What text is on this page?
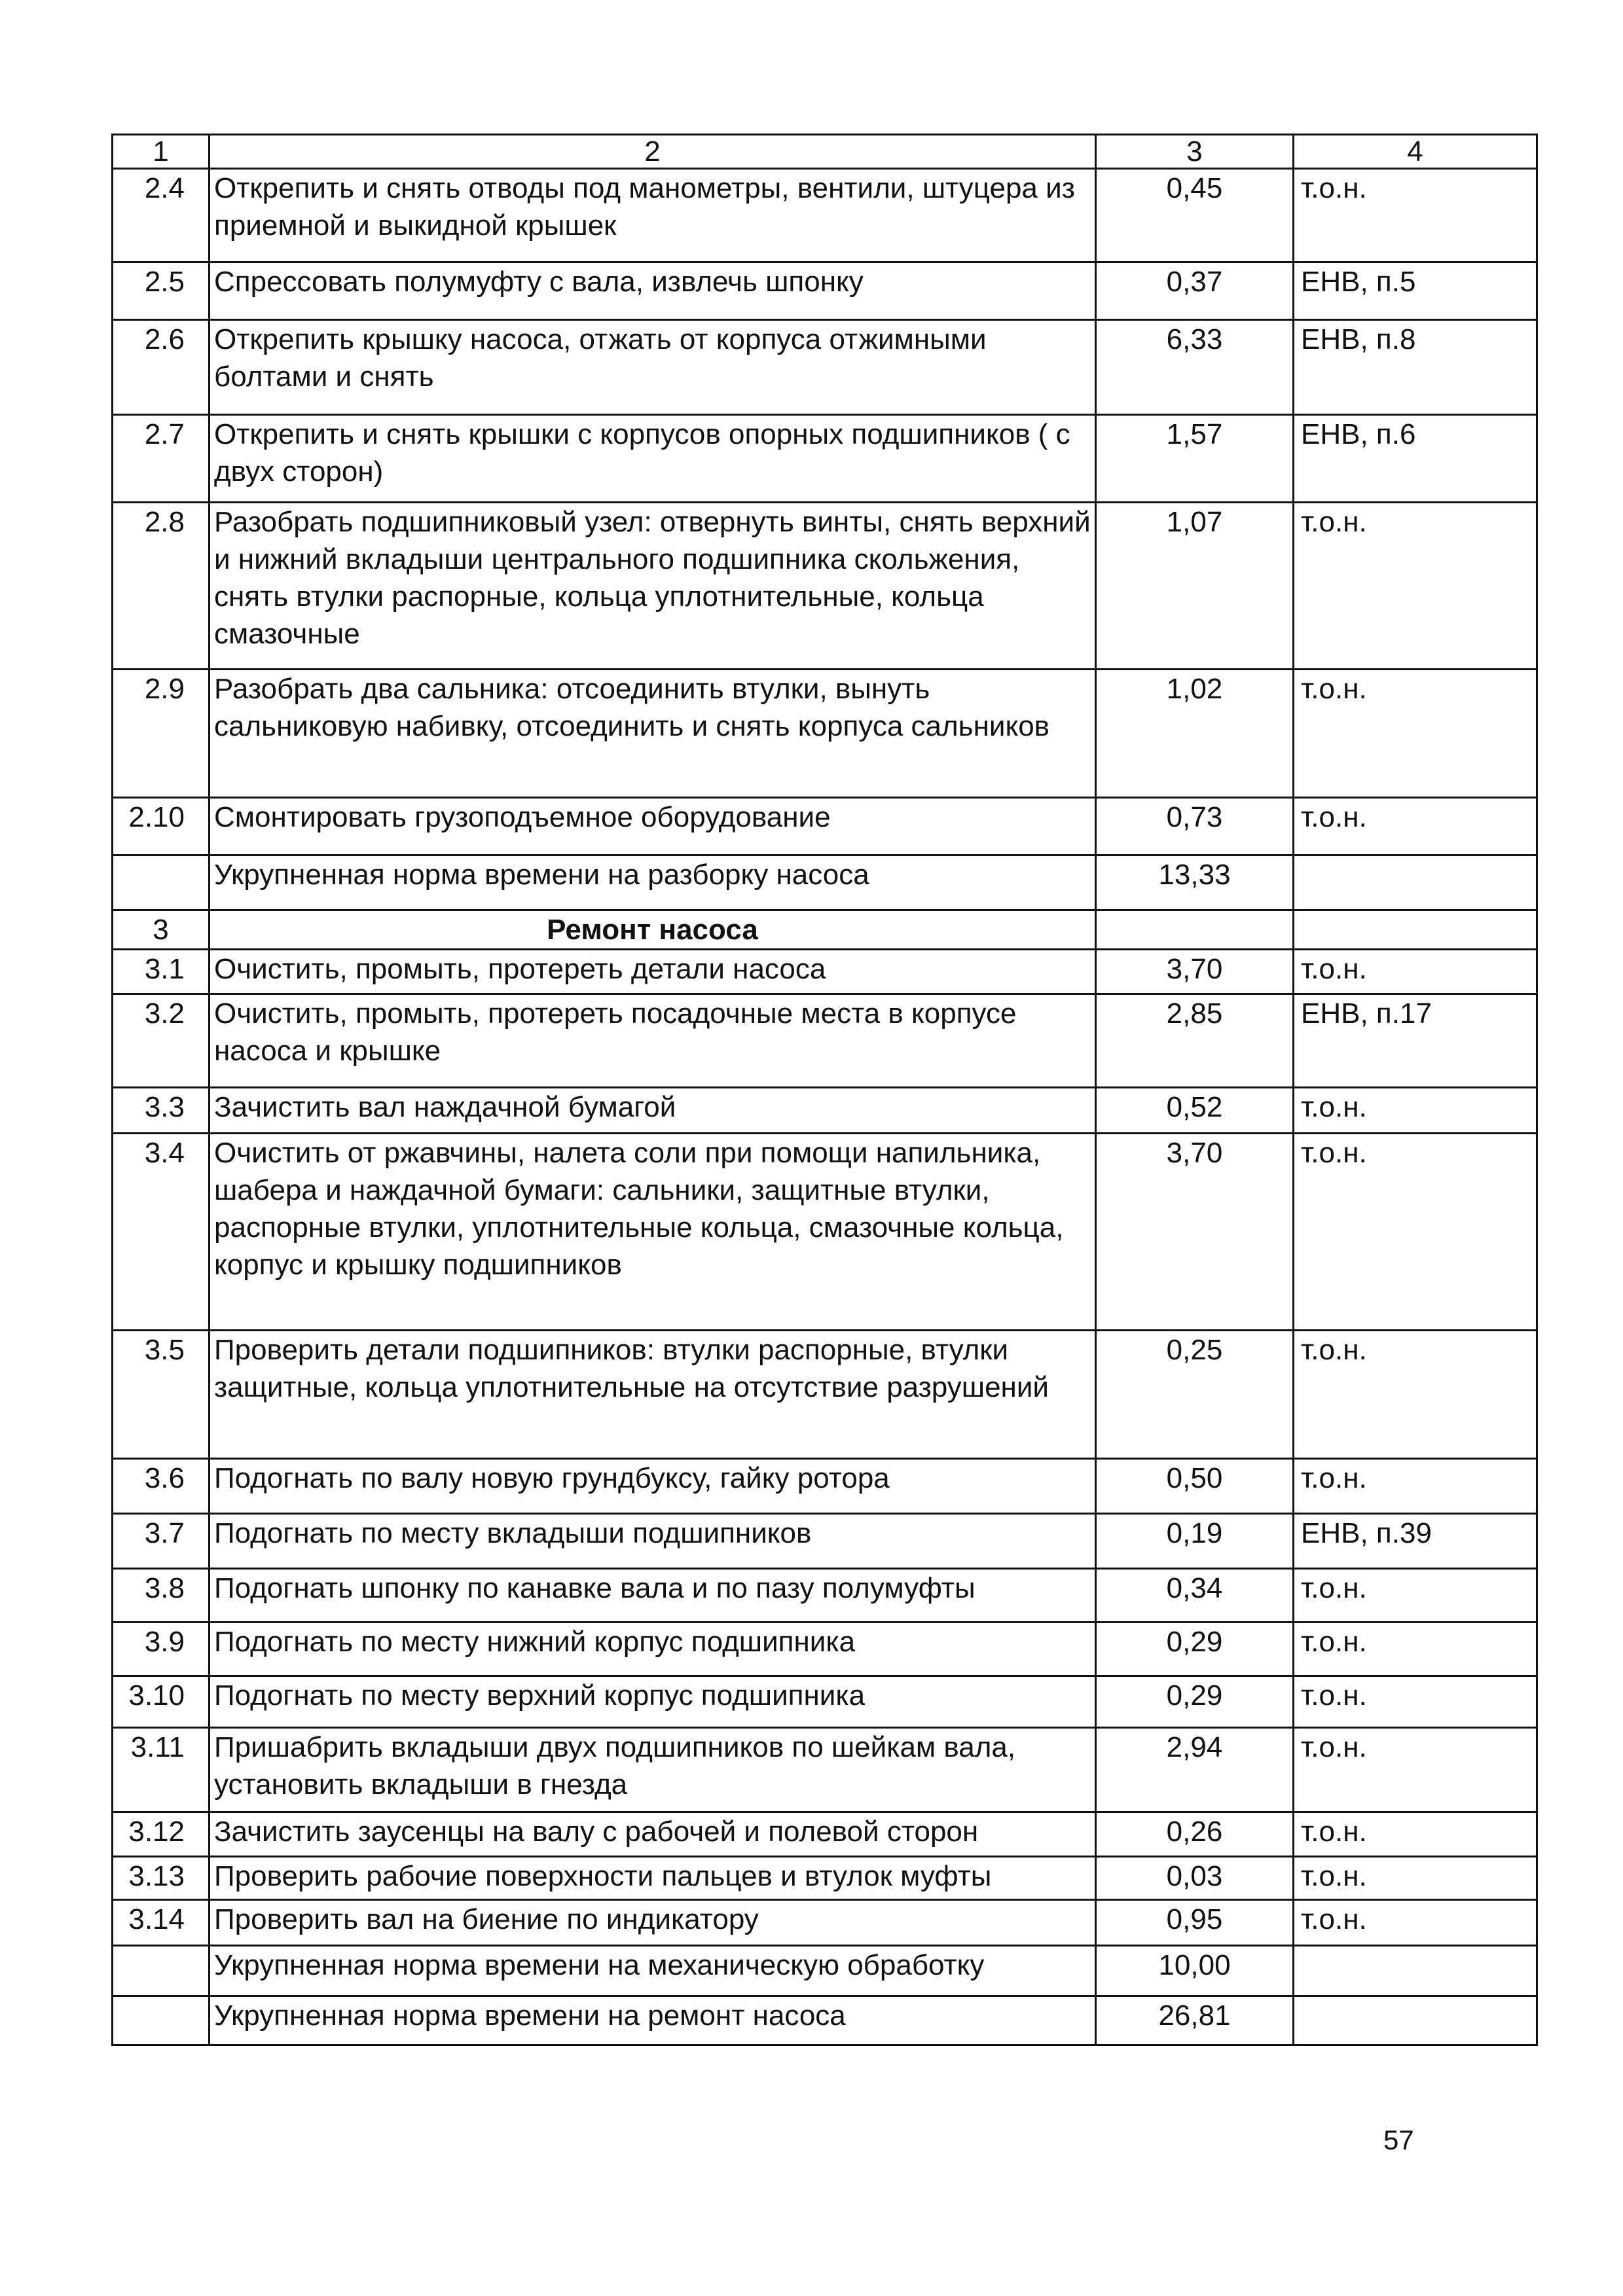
1	2	3	4
2.4	Открепить и снять отводы под манометры, вентили, штуцера из приемной и выкидной крышек	0,45	т.о.н.
2.5	Спрессовать полумуфту с вала, извлечь шпонку	0,37	ЕНВ, п.5
2.6	Открепить крышку насоса, отжать от корпуса отжимными болтами и снять	6,33	ЕНВ, п.8
2.7	Открепить и снять крышки с корпусов опорных подшипников ( с двух сторон)	1,57	ЕНВ, п.6
2.8	Разобрать подшипниковый узел: отвернуть винты, снять верхний и нижний вкладыши центрального подшипника скольжения, снять втулки распорные, кольца уплотнительные, кольца смазочные	1,07	т.о.н.
2.9	Разобрать два сальника: отсоединить втулки, вынуть сальниковую набивку, отсоединить и снять корпуса сальников	1,02	т.о.н.
2.10	Смонтировать грузоподъемное оборудование	0,73	т.о.н.
	Укрупненная норма времени на разборку насоса	13,33	
3	Ремонт насоса		
3.1	Очистить, промыть, протереть детали насоса	3,70	т.о.н.
3.2	Очистить, промыть, протереть посадочные места в корпусе насоса и крышке	2,85	ЕНВ, п.17
3.3	Зачистить вал наждачной бумагой	0,52	т.о.н.
3.4	Очистить от ржавчины, налета соли при помощи напильника, шабера и наждачной бумаги: сальники, защитные втулки, распорные втулки, уплотнительные кольца, смазочные кольца, корпус и крышку подшипников	3,70	т.о.н.
3.5	Проверить детали подшипников: втулки распорные, втулки защитные, кольца уплотнительные на отсутствие разрушений	0,25	т.о.н.
3.6	Подогнать по валу новую грундбуксу, гайку ротора	0,50	т.о.н.
3.7	Подогнать по месту вкладыши подшипников	0,19	ЕНВ, п.39
3.8	Подогнать шпонку по канавке вала и по пазу полумуфты	0,34	т.о.н.
3.9	Подогнать по месту нижний корпус подшипника	0,29	т.о.н.
3.10	Подогнать по месту верхний корпус подшипника	0,29	т.о.н.
3.11	Пришабрить вкладыши двух подшипников по шейкам вала, установить вкладыши в гнезда	2,94	т.о.н.
3.12	Зачистить заусенцы на валу с рабочей и полевой сторон	0,26	т.о.н.
3.13	Проверить рабочие поверхности пальцев и втулок муфты	0,03	т.о.н.
3.14	Проверить вал на биение по индикатору	0,95	т.о.н.
	Укрупненная норма времени на механическую обработку	10,00	
	Укрупненная норма времени на ремонт насоса	26,81	
57
